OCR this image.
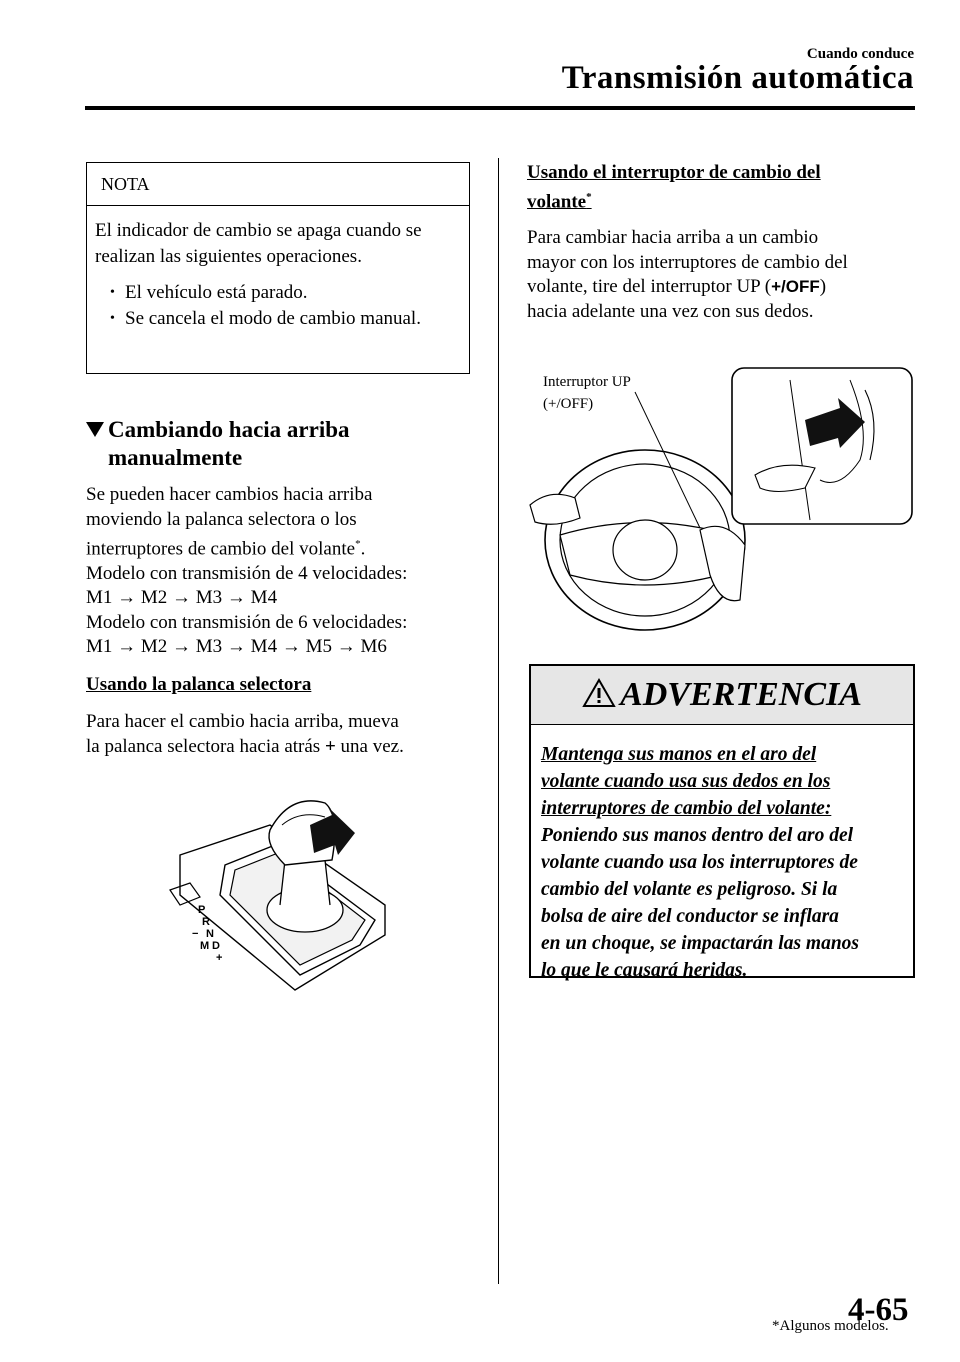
Cuando conduce
Transmisión automática
NOTA
El indicador de cambio se apaga cuando se realizan las siguientes operaciones.
• El vehículo está parado.
• Se cancela el modo de cambio manual.
Cambiando hacia arriba
manualmente
Se pueden hacer cambios hacia arriba
moviendo la palanca selectora o los
interruptores de cambio del volante*.
Modelo con transmisión de 4 velocidades:
M1 → M2 → M3 → M4
Modelo con transmisión de 6 velocidades:
M1 → M2 → M3 → M4 → M5 → M6
Usando la palanca selectora
Para hacer el cambio hacia arriba, mueva
la palanca selectora hacia atrás + una vez.
P
R
− N
M D
+
Usando el interruptor de cambio del
volante*
Para cambiar hacia arriba a un cambio
mayor con los interruptores de cambio del
volante, tire del interruptor UP (+/OFF)
hacia adelante una vez con sus dedos.
Interruptor UP
(+/OFF)
ADVERTENCIA
Mantenga sus manos en el aro del
volante cuando usa sus dedos en los
interruptores de cambio del volante:
Poniendo sus manos dentro del aro del
volante cuando usa los interruptores de
cambio del volante es peligroso. Si la
bolsa de aire del conductor se inflara
en un choque, se impactarán las manos
lo que le causará heridas.
*Algunos modelos.
4-65
